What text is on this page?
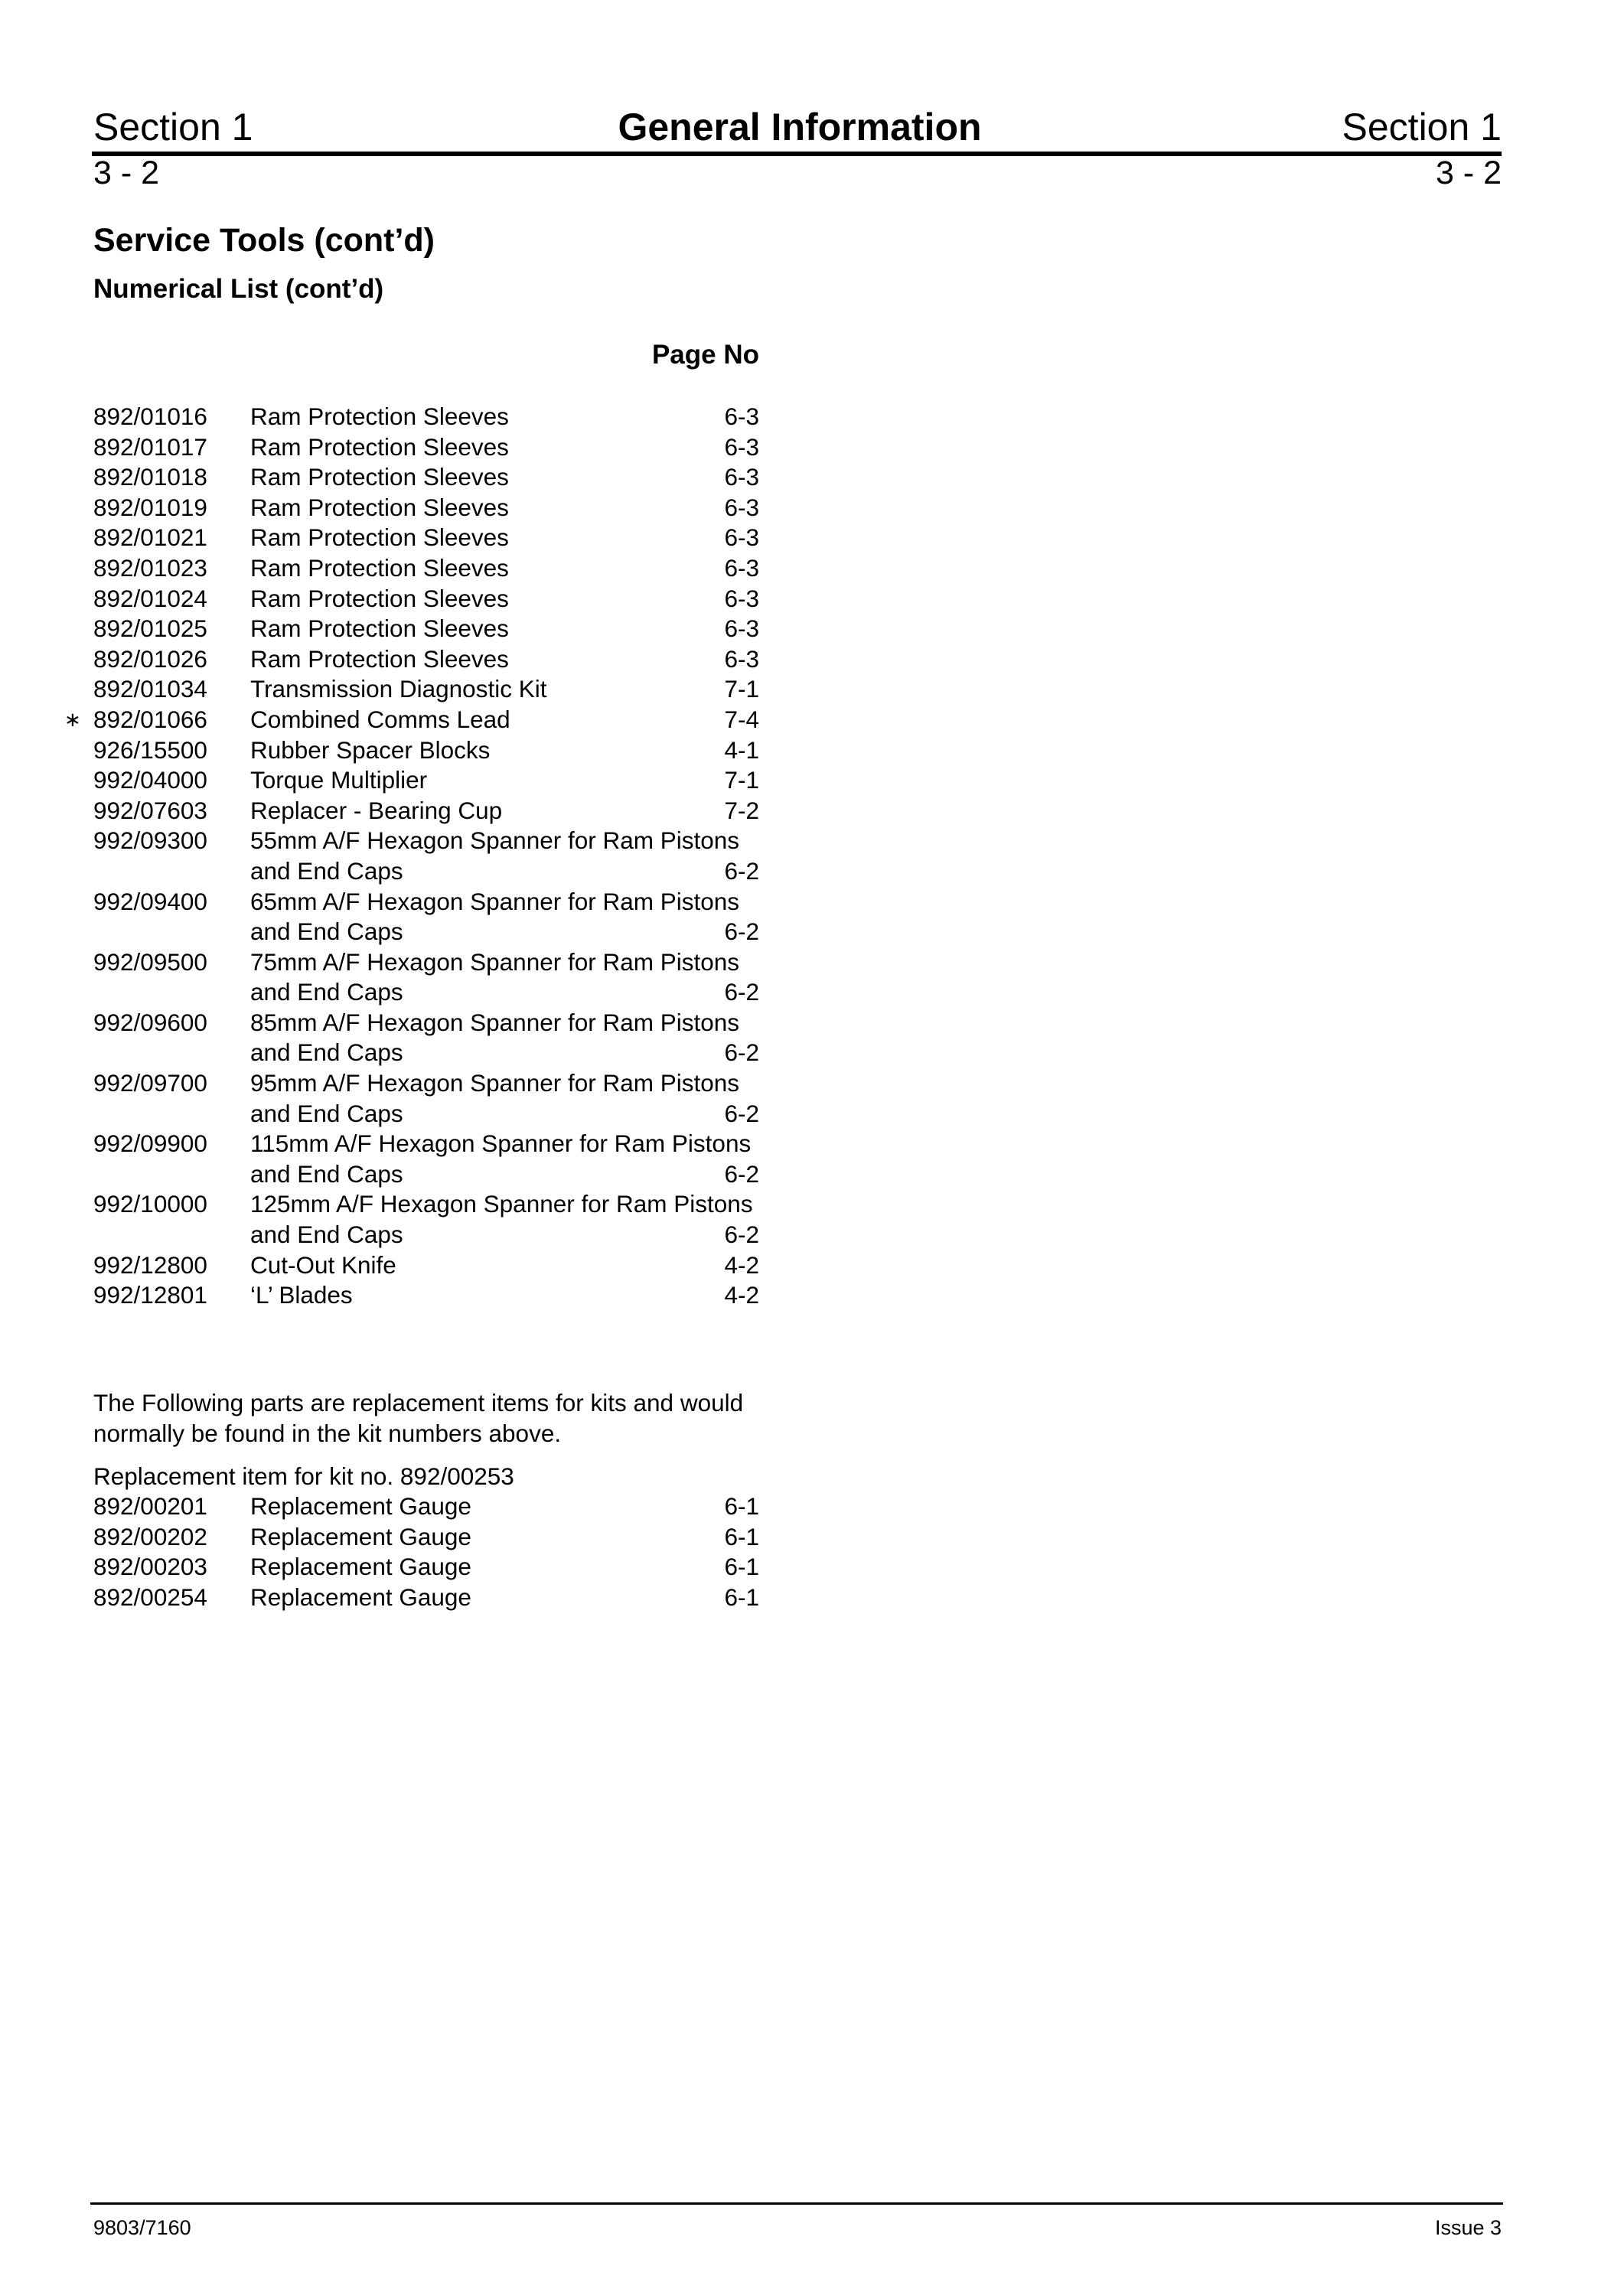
Section 1	General Information	Section 1
3 - 2	3 - 2
Service Tools (cont’d)
Numerical List (cont’d)
Page No
892/01016	Ram Protection Sleeves	6-3
892/01017	Ram Protection Sleeves	6-3
892/01018	Ram Protection Sleeves	6-3
892/01019	Ram Protection Sleeves	6-3
892/01021	Ram Protection Sleeves	6-3
892/01023	Ram Protection Sleeves	6-3
892/01024	Ram Protection Sleeves	6-3
892/01025	Ram Protection Sleeves	6-3
892/01026	Ram Protection Sleeves	6-3
892/01034	Transmission Diagnostic Kit	7-1
∗ 892/01066	Combined Comms Lead	7-4
926/15500	Rubber Spacer Blocks	4-1
992/04000	Torque Multiplier	7-1
992/07603	Replacer - Bearing Cup	7-2
992/09300	55mm A/F Hexagon Spanner for Ram Pistons
and End Caps	6-2
992/09400	65mm A/F Hexagon Spanner for Ram Pistons
and End Caps	6-2
992/09500	75mm A/F Hexagon Spanner for Ram Pistons
and End Caps	6-2
992/09600	85mm A/F Hexagon Spanner for Ram Pistons
and End Caps	6-2
992/09700	95mm A/F Hexagon Spanner for Ram Pistons
and End Caps	6-2
992/09900	115mm A/F Hexagon Spanner for Ram Pistons
and End Caps	6-2
992/10000	125mm A/F Hexagon Spanner for Ram Pistons
and End Caps	6-2
992/12800	Cut-Out Knife	4-2
992/12801	‘L’ Blades	4-2

The Following parts are replacement items for kits and would normally be found in the kit numbers above.

Replacement item for kit no. 892/00253
892/00201	Replacement Gauge	6-1
892/00202	Replacement Gauge	6-1
892/00203	Replacement Gauge	6-1
892/00254	Replacement Gauge	6-1
9803/7160	Issue 3
